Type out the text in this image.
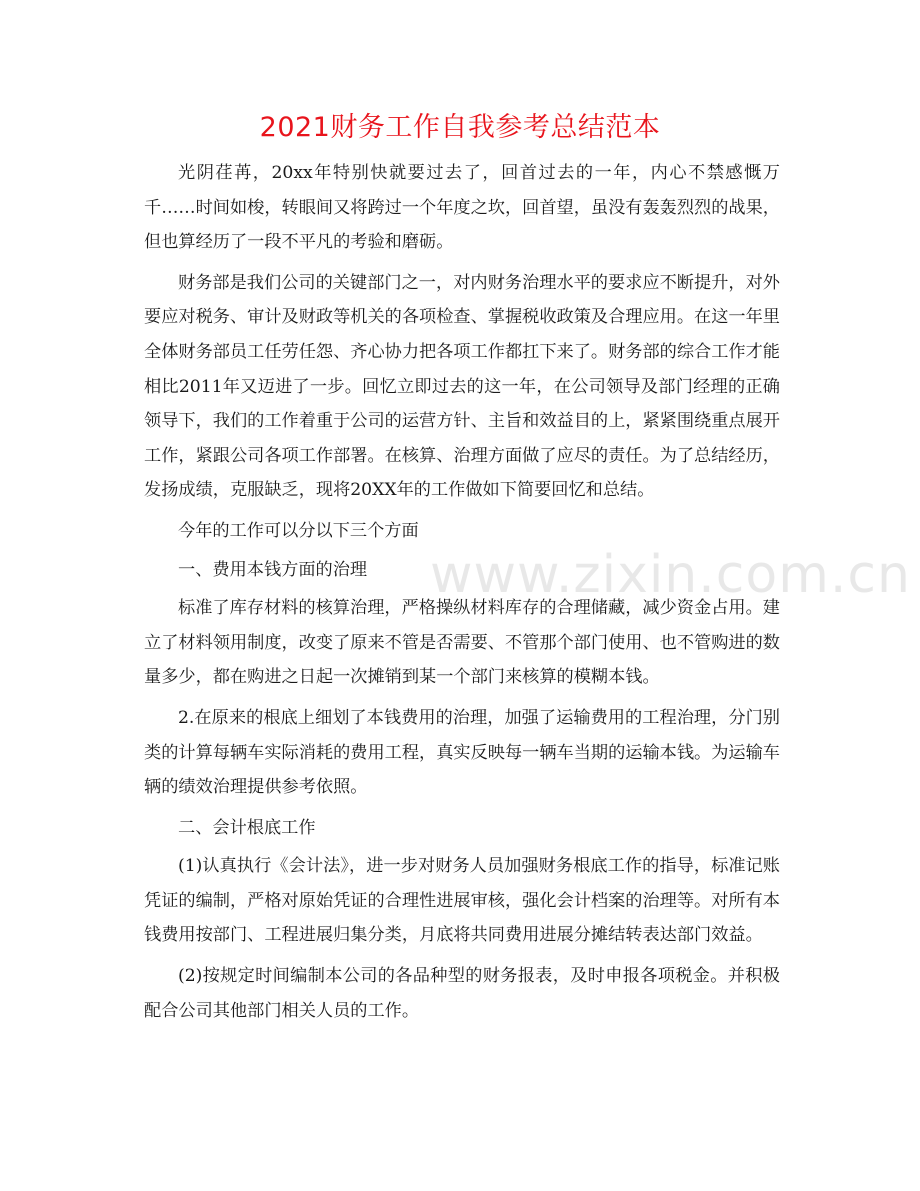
2021财务工作自我参考总结范本

光阴荏苒，20xx年特别快就要过去了，回首过去的一年，内心不禁感慨万千……时间如梭，转眼间又将跨过一个年度之坎，回首望，虽没有轰轰烈烈的战果，但也算经历了一段不平凡的考验和磨砺。

财务部是我们公司的关键部门之一，对内财务治理水平的要求应不断提升，对外要应对税务、审计及财政等机关的各项检查、掌握税收政策及合理应用。在这一年里全体财务部员工任劳任怨、齐心协力把各项工作都扛下来了。财务部的综合工作才能相比2011年又迈进了一步。回忆立即过去的这一年，在公司领导及部门经理的正确领导下，我们的工作着重于公司的运营方针、主旨和效益目的上，紧紧围绕重点展开工作，紧跟公司各项工作部署。在核算、治理方面做了应尽的责任。为了总结经历，发扬成绩，克服缺乏，现将20XX年的工作做如下简要回忆和总结。

今年的工作可以分以下三个方面

一、费用本钱方面的治理

标准了库存材料的核算治理，严格操纵材料库存的合理储藏，减少资金占用。建立了材料领用制度，改变了原来不管是否需要、不管那个部门使用、也不管购进的数量多少，都在购进之日起一次摊销到某一个部门来核算的模糊本钱。

2.在原来的根底上细划了本钱费用的治理，加强了运输费用的工程治理，分门别类的计算每辆车实际消耗的费用工程，真实反映每一辆车当期的运输本钱。为运输车辆的绩效治理提供参考依照。

二、会计根底工作

(1)认真执行《会计法》，进一步对财务人员加强财务根底工作的指导，标准记账凭证的编制，严格对原始凭证的合理性进展审核，强化会计档案的治理等。对所有本钱费用按部门、工程进展归集分类，月底将共同费用进展分摊结转表达部门效益。

(2)按规定时间编制本公司的各品种型的财务报表，及时申报各项税金。并积极配合公司其他部门相关人员的工作。

www.zixin.com.cn
